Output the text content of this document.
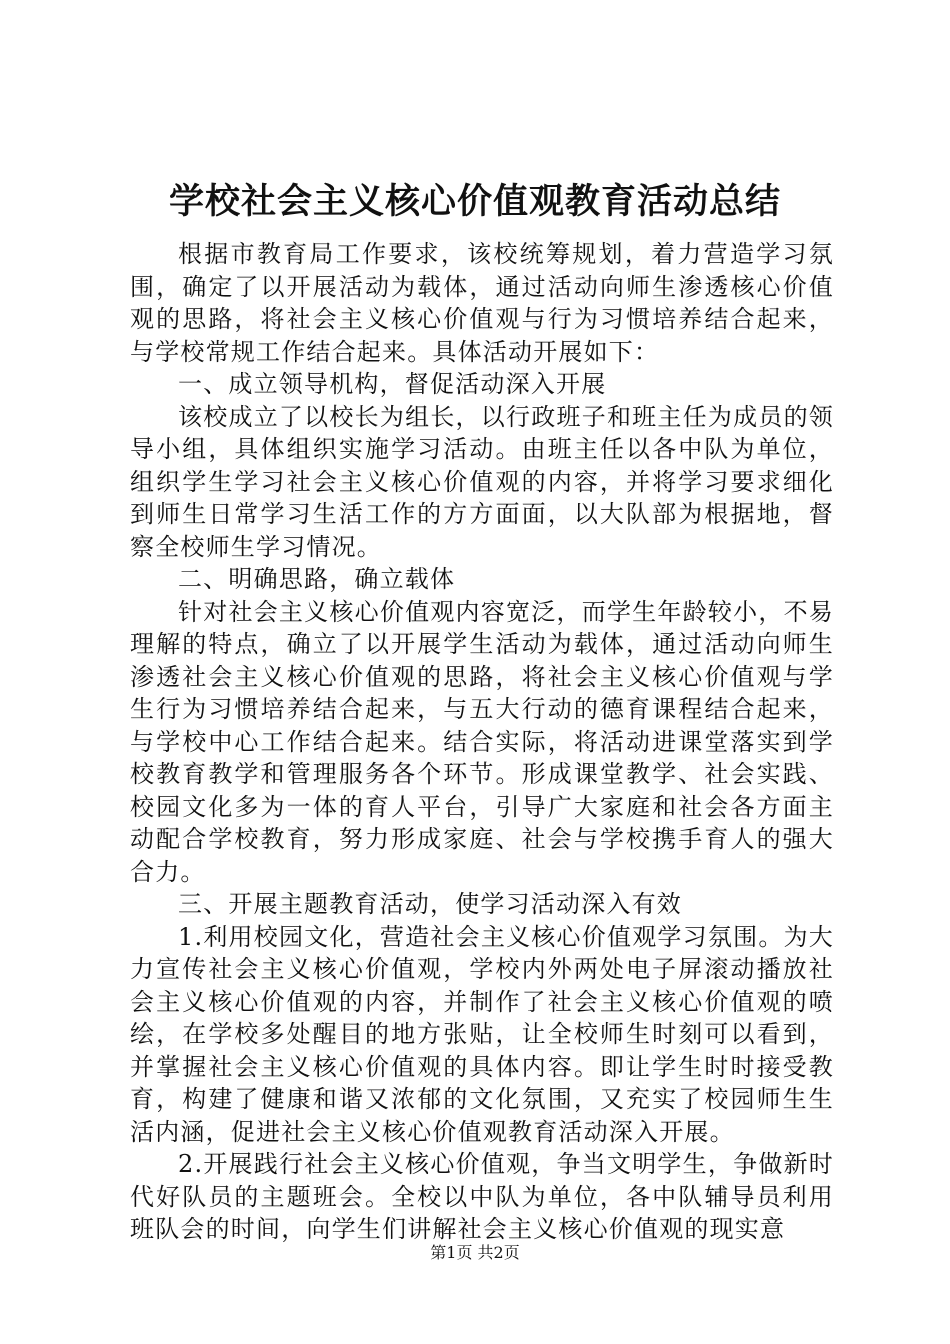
学校社会主义核心价值观教育活动总结

根据市教育局工作要求，该校统筹规划，着力营造学习氛围，确定了以开展活动为载体，通过活动向师生渗透核心价值观的思路，将社会主义核心价值观与行为习惯培养结合起来，与学校常规工作结合起来。具体活动开展如下：

一、成立领导机构，督促活动深入开展

该校成立了以校长为组长，以行政班子和班主任为成员的领导小组，具体组织实施学习活动。由班主任以各中队为单位，组织学生学习社会主义核心价值观的内容，并将学习要求细化到师生日常学习生活工作的方方面面，以大队部为根据地，督察全校师生学习情况。

二、明确思路，确立载体

针对社会主义核心价值观内容宽泛，而学生年龄较小，不易理解的特点，确立了以开展学生活动为载体，通过活动向师生渗透社会主义核心价值观的思路，将社会主义核心价值观与学生行为习惯培养结合起来，与五大行动的德育课程结合起来，与学校中心工作结合起来。结合实际，将活动进课堂落实到学校教育教学和管理服务各个环节。形成课堂教学、社会实践、校园文化多为一体的育人平台，引导广大家庭和社会各方面主动配合学校教育，努力形成家庭、社会与学校携手育人的强大合力。

三、开展主题教育活动，使学习活动深入有效

1.利用校园文化，营造社会主义核心价值观学习氛围。为大力宣传社会主义核心价值观，学校内外两处电子屏滚动播放社会主义核心价值观的内容，并制作了社会主义核心价值观的喷绘，在学校多处醒目的地方张贴，让全校师生时刻可以看到，并掌握社会主义核心价值观的具体内容。即让学生时时接受教育，构建了健康和谐又浓郁的文化氛围，又充实了校园师生生活内涵，促进社会主义核心价值观教育活动深入开展。

2.开展践行社会主义核心价值观，争当文明学生，争做新时代好队员的主题班会。全校以中队为单位，各中队辅导员利用班队会的时间，向学生们讲解社会主义核心价值观的现实意

第1页 共2页
